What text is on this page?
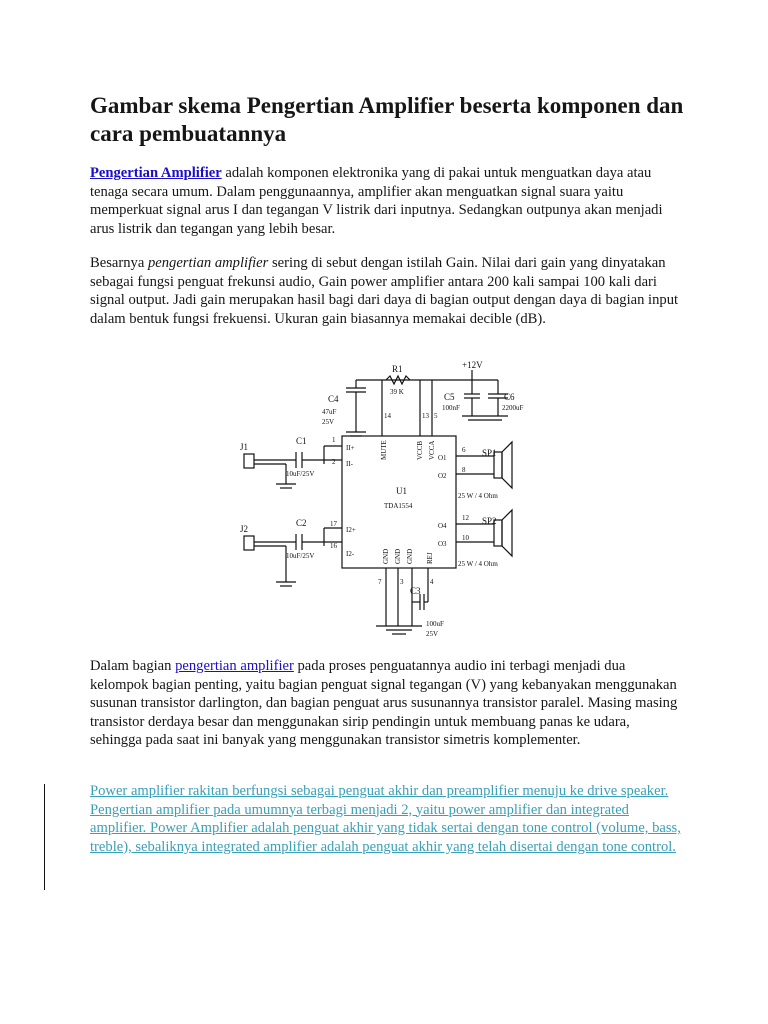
Gambar skema Pengertian Amplifier beserta komponen dan cara pembuatannya

Pengertian Amplifier adalah komponen elektronika yang di pakai untuk menguatkan daya atau tenaga secara umum. Dalam penggunaannya, amplifier akan menguatkan signal suara yaitu memperkuat signal arus I dan tegangan V listrik dari inputnya. Sedangkan outpunya akan menjadi arus listrik dan tegangan yang lebih besar.

Besarnya pengertian amplifier sering di sebut dengan istilah Gain. Nilai dari gain yang dinyatakan sebagai fungsi penguat frekunsi audio, Gain power amplifier antara 200 kali sampai 100 kali dari signal output. Jadi gain merupakan hasil bagi dari daya di bagian output dengan daya di bagian input dalam bentuk fungsi frekuensi. Ukuran gain biasannya memakai decible (dB).

Dalam bagian pengertian amplifier pada proses penguatannya audio ini terbagi menjadi dua kelompok bagian penting, yaitu bagian penguat signal tegangan (V) yang kebanyakan menggunakan susunan transistor darlington, dan bagian penguat arus susunannya transistor paralel. Masing masing transistor derdaya besar dan menggunakan sirip pendingin untuk membuang panas ke udara, sehingga pada saat ini banyak yang menggunakan transistor simetris komplementer.

Power amplifier rakitan berfungsi sebagai penguat akhir dan preamplifier menuju ke drive speaker. Pengertian amplifier pada umumnya terbagi menjadi 2, yaitu power amplifier dan integrated amplifier. Power Amplifier adalah penguat akhir yang tidak sertai dengan tone control (volume, bass, treble), sebaliknya integrated amplifier adalah penguat akhir yang telah disertai dengan tone control.

+12V
R1
39 K
C4
47uF
25V
C5
100nF
C6
2200uF
J1
J2
C1
10uF/25V
C2
10uF/25V
U1
TDA1554
II+
II-
I2+
I2-
1
2
17
16
14	13 5
MUTE	VCCB VCCA O1
O2
O4
O3
6
8
12
10
SP1
SP2
25 W / 4 Ohm
25 W / 4 Ohm
GND GND GND REJ
7	3	4
C3
100uF
25V
